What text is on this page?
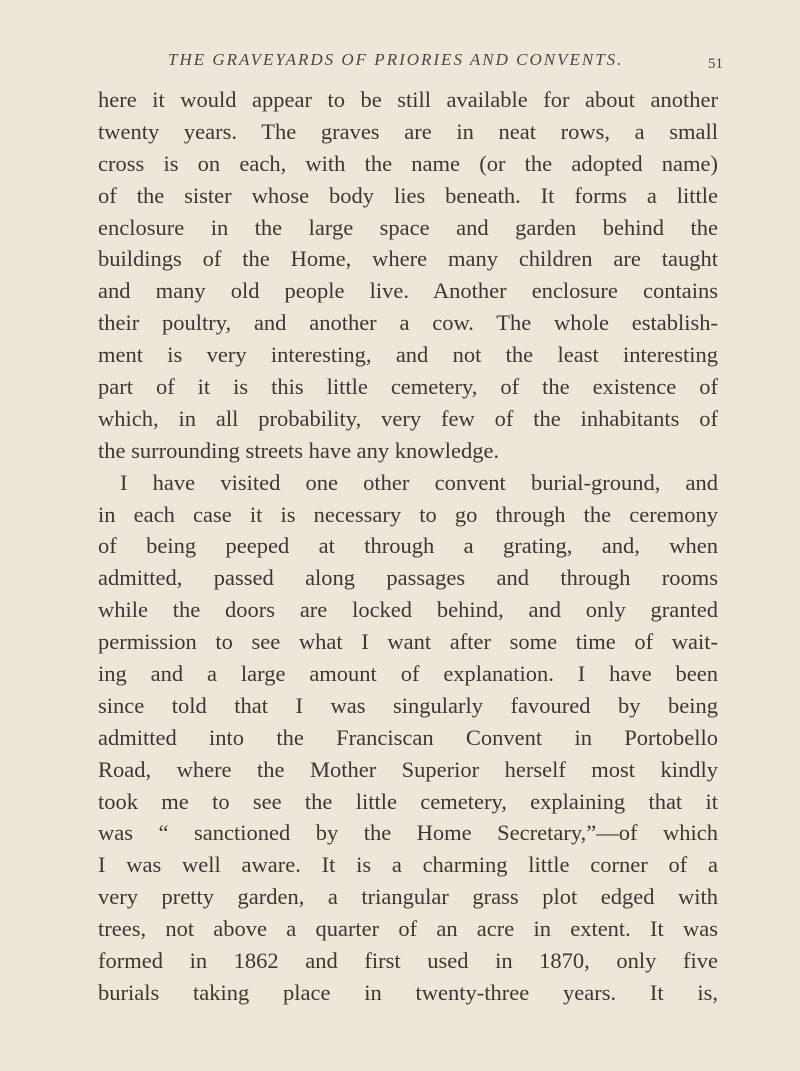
THE GRAVEYARDS OF PRIORIES AND CONVENTS.	51
here it would appear to be still available for about another
twenty years. The graves are in neat rows, a small
cross is on each, with the name (or the adopted name)
of the sister whose body lies beneath. It forms a little
enclosure in the large space and garden behind the
buildings of the Home, where many children are taught
and many old people live. Another enclosure contains
their poultry, and another a cow. The whole establish-
ment is very interesting, and not the least interesting
part of it is this little cemetery, of the existence of
which, in all probability, very few of the inhabitants of
the surrounding streets have any knowledge.
I have visited one other convent burial-ground, and
in each case it is necessary to go through the ceremony
of being peeped at through a grating, and, when
admitted, passed along passages and through rooms
while the doors are locked behind, and only granted
permission to see what I want after some time of wait-
ing and a large amount of explanation. I have been
since told that I was singularly favoured by being
admitted into the Franciscan Convent in Portobello
Road, where the Mother Superior herself most kindly
took me to see the little cemetery, explaining that it
was “ sanctioned by the Home Secretary,”—of which
I was well aware. It is a charming little corner of a
very pretty garden, a triangular grass plot edged with
trees, not above a quarter of an acre in extent. It was
formed in 1862 and first used in 1870, only five
burials taking place in twenty-three years. It is,
